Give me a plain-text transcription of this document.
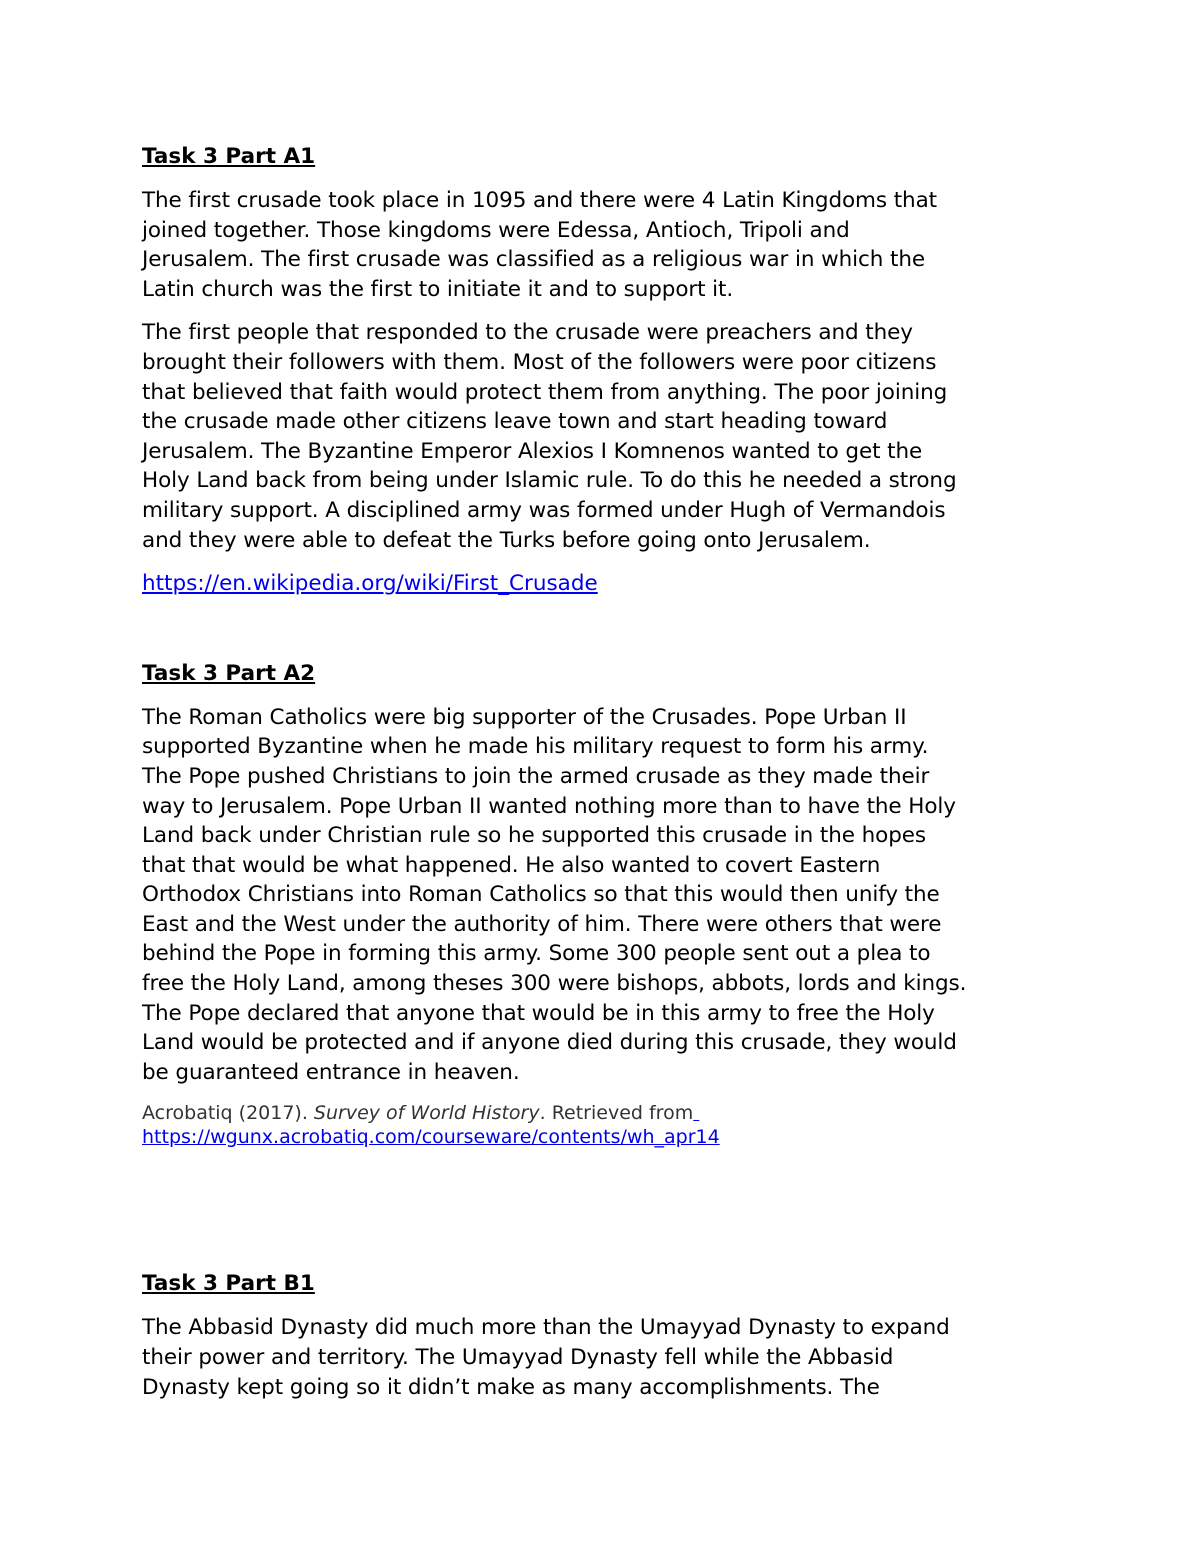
Task 3 Part A1
The first crusade took place in 1095 and there were 4 Latin Kingdoms that
joined together. Those kingdoms were Edessa, Antioch, Tripoli and
Jerusalem. The first crusade was classified as a religious war in which the
Latin church was the first to initiate it and to support it.
The first people that responded to the crusade were preachers and they
brought their followers with them. Most of the followers were poor citizens
that believed that faith would protect them from anything. The poor joining
the crusade made other citizens leave town and start heading toward
Jerusalem. The Byzantine Emperor Alexios I Komnenos wanted to get the
Holy Land back from being under Islamic rule. To do this he needed a strong
military support. A disciplined army was formed under Hugh of Vermandois
and they were able to defeat the Turks before going onto Jerusalem.
https://en.wikipedia.org/wiki/First_Crusade
Task 3 Part A2
The Roman Catholics were big supporter of the Crusades. Pope Urban II
supported Byzantine when he made his military request to form his army.
The Pope pushed Christians to join the armed crusade as they made their
way to Jerusalem. Pope Urban II wanted nothing more than to have the Holy
Land back under Christian rule so he supported this crusade in the hopes
that that would be what happened. He also wanted to covert Eastern
Orthodox Christians into Roman Catholics so that this would then unify the
East and the West under the authority of him. There were others that were
behind the Pope in forming this army. Some 300 people sent out a plea to
free the Holy Land, among theses 300 were bishops, abbots, lords and kings.
The Pope declared that anyone that would be in this army to free the Holy
Land would be protected and if anyone died during this crusade, they would
be guaranteed entrance in heaven.
Acrobatiq (2017). Survey of World History. Retrieved from
https://wgunx.acrobatiq.com/courseware/contents/wh_apr14
Task 3 Part B1
The Abbasid Dynasty did much more than the Umayyad Dynasty to expand
their power and territory. The Umayyad Dynasty fell while the Abbasid
Dynasty kept going so it didn’t make as many accomplishments. The
